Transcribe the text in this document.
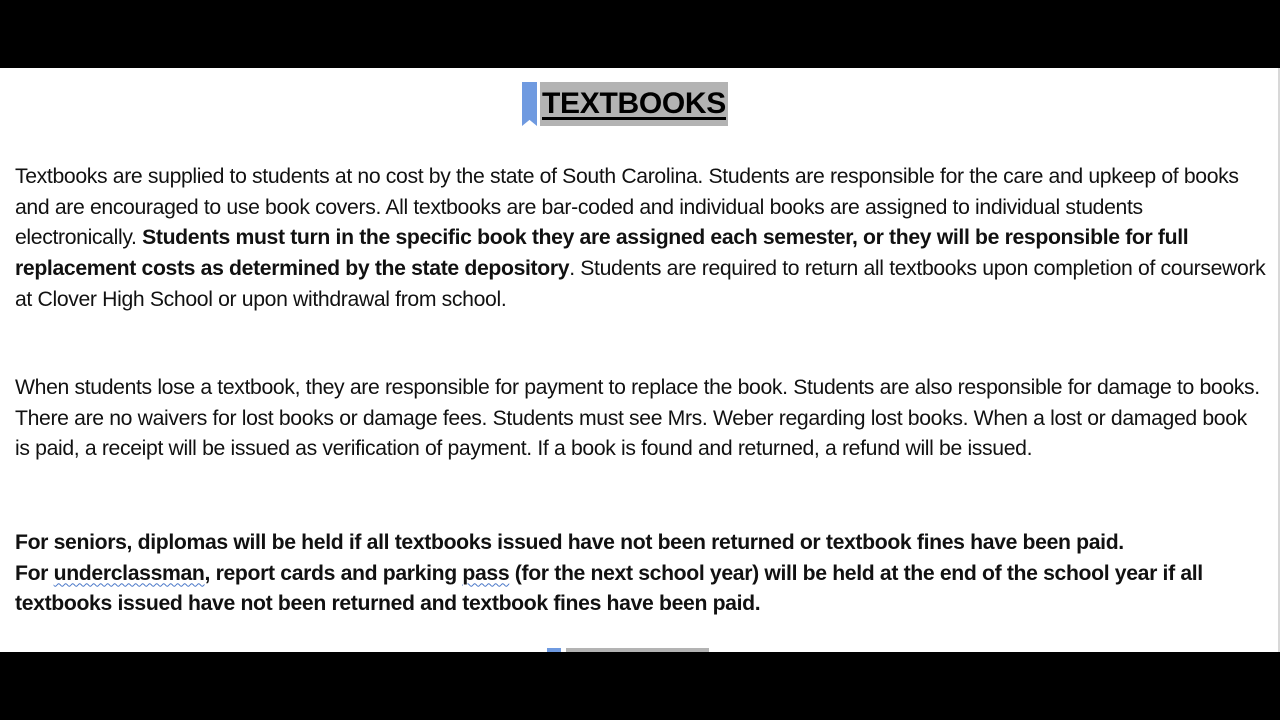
TEXTBOOKS

Textbooks are supplied to students at no cost by the state of South Carolina. Students are responsible for the care and upkeep of books and are encouraged to use book covers. All textbooks are bar-coded and individual books are assigned to individual students electronically. Students must turn in the specific book they are assigned each semester, or they will be responsible for full replacement costs as determined by the state depository. Students are required to return all textbooks upon completion of coursework at Clover High School or upon withdrawal from school.

When students lose a textbook, they are responsible for payment to replace the book. Students are also responsible for damage to books. There are no waivers for lost books or damage fees. Students must see Mrs. Weber regarding lost books. When a lost or damaged book is paid, a receipt will be issued as verification of payment. If a book is found and returned, a refund will be issued.

For seniors, diplomas will be held if all textbooks issued have not been returned or textbook fines have been paid.
For underclassman, report cards and parking pass (for the next school year) will be held at the end of the school year if all textbooks issued have not been returned and textbook fines have been paid.
